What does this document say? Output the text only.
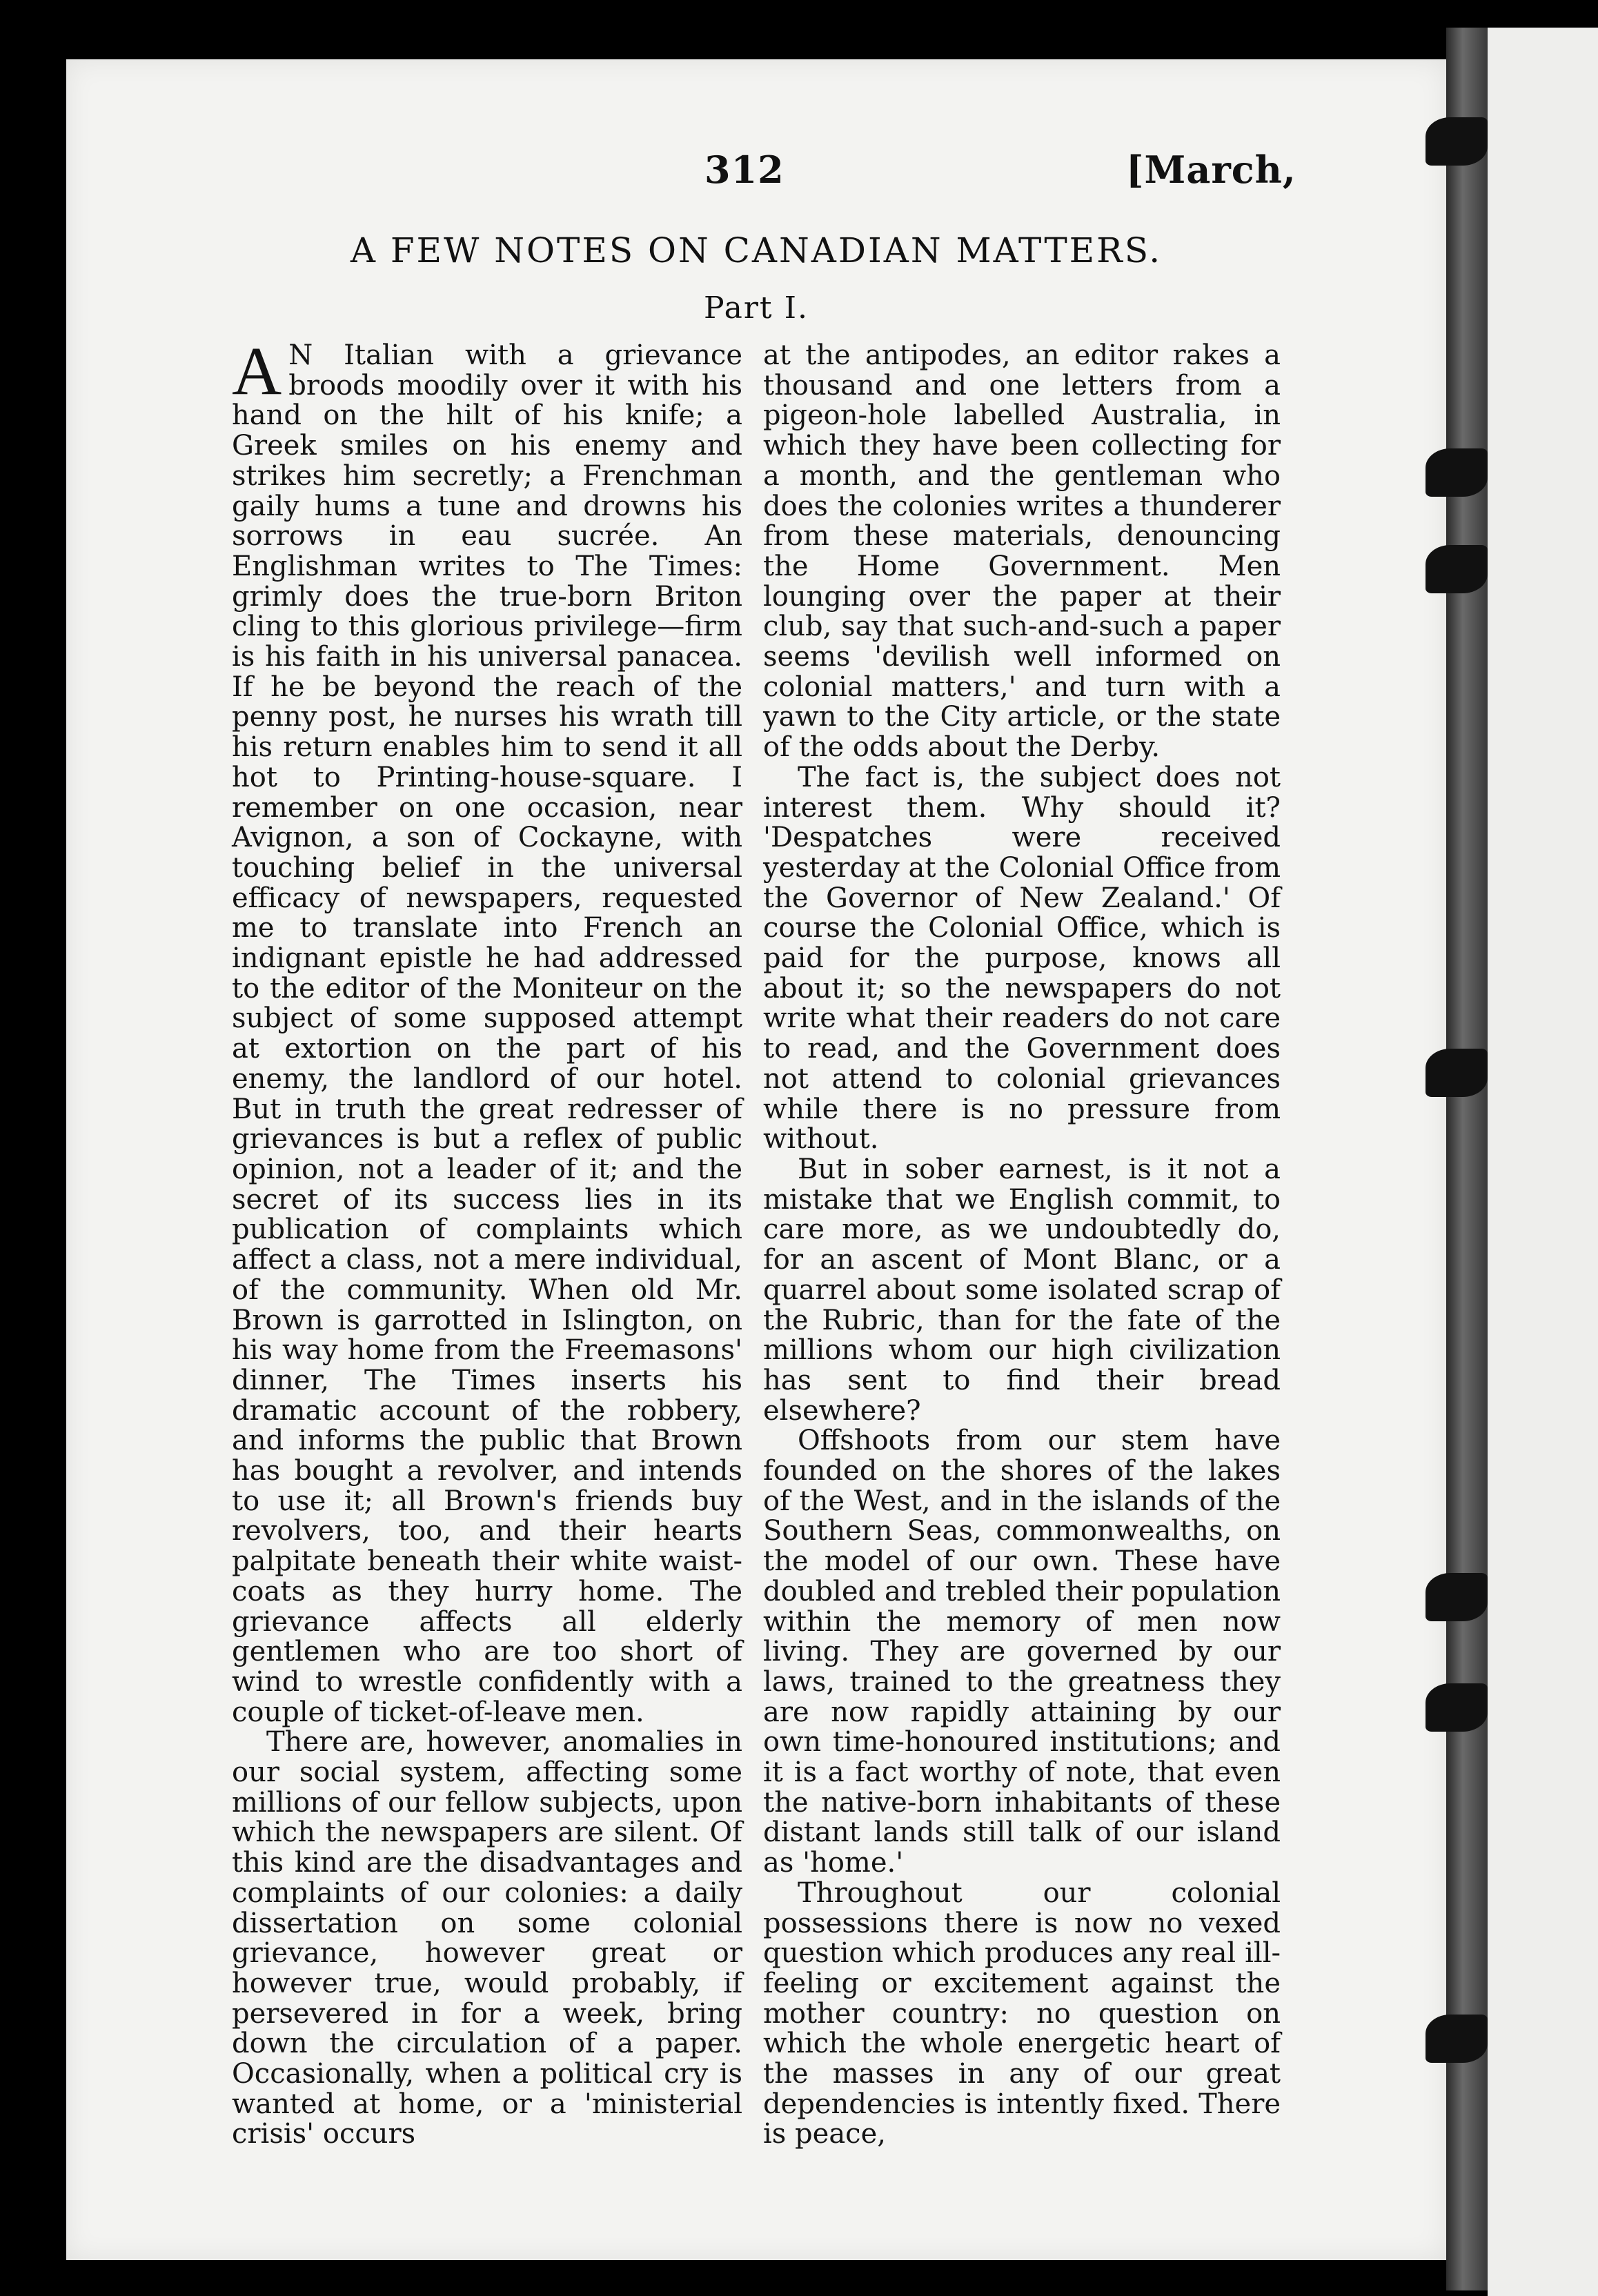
312	[March,
A FEW NOTES ON CANADIAN MATTERS.
Part I.

A N Italian with a grievance broods moodily over it with his hand on the hilt of his knife; a Greek smiles on his enemy and strikes him secretly; a Frenchman gaily hums a tune and drowns his sorrows in eau sucrée. An Englishman writes to The Times: grimly does the true-born Briton cling to this glorious privilege—firm is his faith in his universal panacea. If he be beyond the reach of the penny post, he nurses his wrath till his return enables him to send it all hot to Printing-house-square. I remember on one occasion, near Avignon, a son of Cockayne, with touching belief in the universal efficacy of newspapers, requested me to translate into French an indignant epistle he had addressed to the editor of the Moniteur on the subject of some supposed attempt at extortion on the part of his enemy, the landlord of our hotel. But in truth the great redresser of grievances is but a reflex of public opinion, not a leader of it; and the secret of its success lies in its publication of complaints which affect a class, not a mere individual, of the community. When old Mr. Brown is garrotted in Islington, on his way home from the Freemasons' dinner, The Times inserts his dramatic account of the robbery, and informs the public that Brown has bought a revolver, and intends to use it; all Brown's friends buy revolvers, too, and their hearts palpitate beneath their white waist-coats as they hurry home. The grievance affects all elderly gentlemen who are too short of wind to wrestle confidently with a couple of ticket-of-leave men.

There are, however, anomalies in our social system, affecting some millions of our fellow subjects, upon which the newspapers are silent. Of this kind are the disadvantages and complaints of our colonies: a daily dissertation on some colonial grievance, however great or however true, would probably, if persevered in for a week, bring down the circulation of a paper. Occasionally, when a political cry is wanted at home, or a 'ministerial crisis' occurs

at the antipodes, an editor rakes a thousand and one letters from a pigeon-hole labelled Australia, in which they have been collecting for a month, and the gentleman who does the colonies writes a thunderer from these materials, denouncing the Home Government. Men lounging over the paper at their club, say that such-and-such a paper seems 'devilish well informed on colonial matters,' and turn with a yawn to the City article, or the state of the odds about the Derby.

The fact is, the subject does not interest them. Why should it? 'Despatches were received yesterday at the Colonial Office from the Governor of New Zealand.' Of course the Colonial Office, which is paid for the purpose, knows all about it; so the newspapers do not write what their readers do not care to read, and the Government does not attend to colonial grievances while there is no pressure from without.

But in sober earnest, is it not a mistake that we English commit, to care more, as we undoubtedly do, for an ascent of Mont Blanc, or a quarrel about some isolated scrap of the Rubric, than for the fate of the millions whom our high civilization has sent to find their bread elsewhere?

Offshoots from our stem have founded on the shores of the lakes of the West, and in the islands of the Southern Seas, commonwealths, on the model of our own. These have doubled and trebled their population within the memory of men now living. They are governed by our laws, trained to the greatness they are now rapidly attaining by our own time-honoured institutions; and it is a fact worthy of note, that even the native-born inhabitants of these distant lands still talk of our island as 'home.'

Throughout our colonial possessions there is now no vexed question which produces any real ill-feeling or excitement against the mother country: no question on which the whole energetic heart of the masses in any of our great dependencies is intently fixed. There is peace,
